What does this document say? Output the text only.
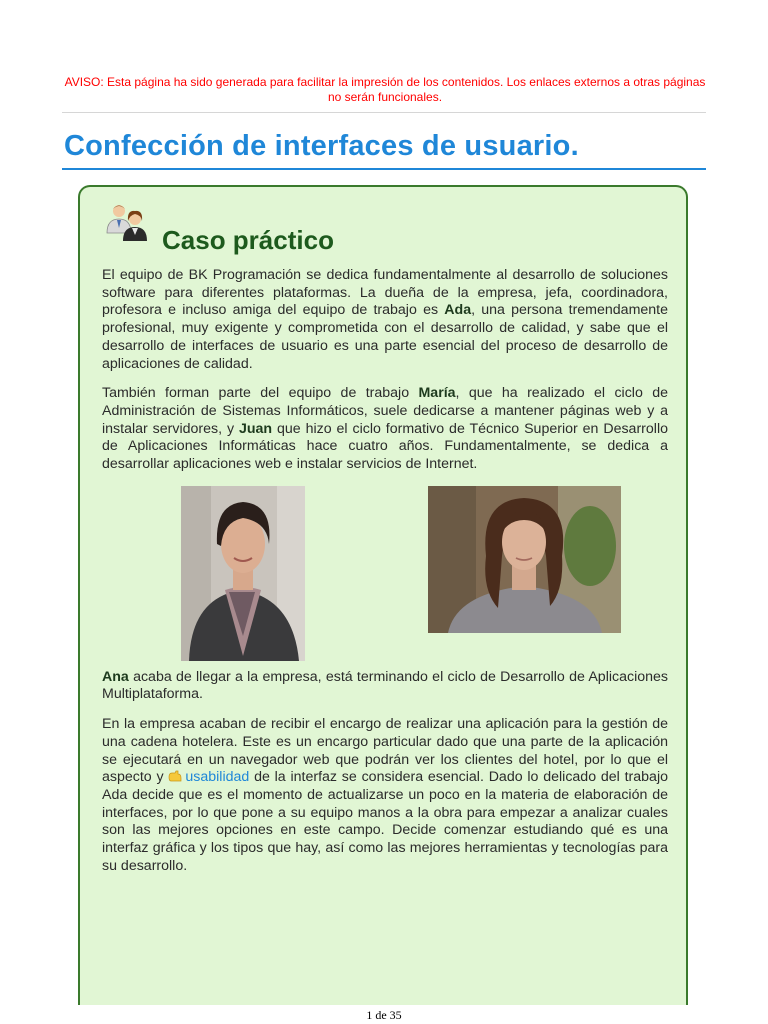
AVISO: Esta página ha sido generada para facilitar la impresión de los contenidos. Los enlaces externos a otras páginas no serán funcionales.
Confección de interfaces de usuario.
Caso práctico

El equipo de BK Programación se dedica fundamentalmente al desarrollo de soluciones software para diferentes plataformas. La dueña de la empresa, jefa, coordinadora, profesora e incluso amiga del equipo de trabajo es Ada, una persona tremendamente profesional, muy exigente y comprometida con el desarrollo de calidad, y sabe que el desarrollo de interfaces de usuario es una parte esencial del proceso de desarrollo de aplicaciones de calidad.

También forman parte del equipo de trabajo María, que ha realizado el ciclo de Administración de Sistemas Informáticos, suele dedicarse a mantener páginas web y a instalar servidores, y Juan que hizo el ciclo formativo de Técnico Superior en Desarrollo de Aplicaciones Informáticas hace cuatro años. Fundamentalmente, se dedica a desarrollar aplicaciones web e instalar servicios de Internet.

Ana acaba de llegar a la empresa, está terminando el ciclo de Desarrollo de Aplicaciones Multiplataforma.

En la empresa acaban de recibir el encargo de realizar una aplicación para la gestión de una cadena hotelera. Este es un encargo particular dado que una parte de la aplicación se ejecutará en un navegador web que podrán ver los clientes del hotel, por lo que el aspecto y usabilidad de la interfaz se considera esencial. Dado lo delicado del trabajo Ada decide que es el momento de actualizarse un poco en la materia de elaboración de interfaces, por lo que pone a su equipo manos a la obra para empezar a analizar cuales son las mejores opciones en este campo. Decide comenzar estudiando qué es una interfaz gráfica y los tipos que hay, así como las mejores herramientas y tecnologías para su desarrollo.

1 de 35
